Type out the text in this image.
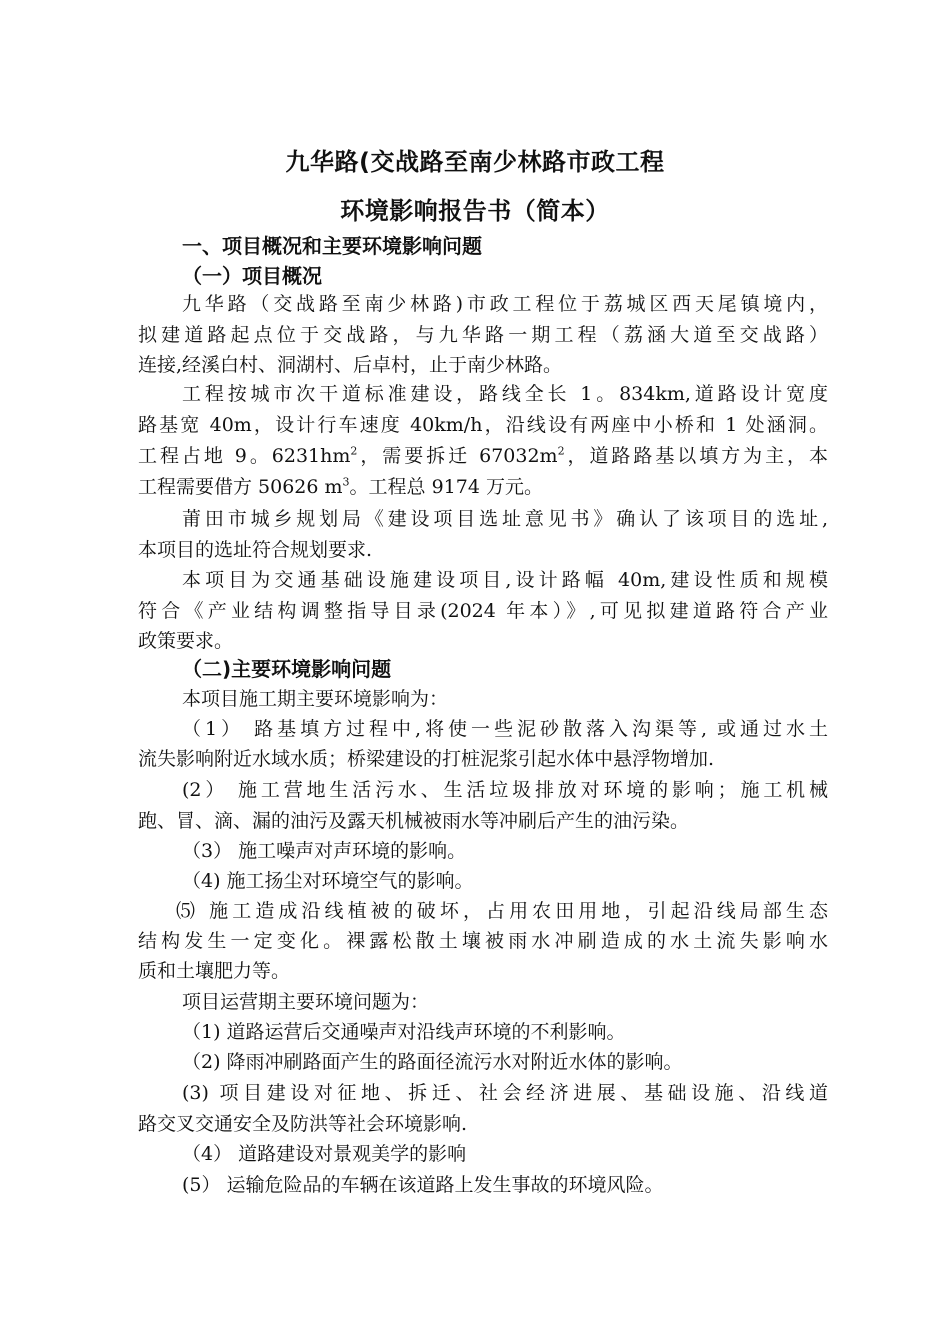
九华路(交战路至南少林路市政工程
环境影响报告书（简本）
一、项目概况和主要环境影响问题
（一）项目概况
九华路（交战路至南少林路)市政工程位于荔城区西天尾镇境内，
拟建道路起点位于交战路，与九华路一期工程（荔涵大道至交战路）
连接,经溪白村、洞湖村、后卓村，止于南少林路。
工程按城市次干道标准建设，路线全长 1。834km,道路设计宽度
路基宽 40m，设计行车速度 40km/h，沿线设有两座中小桥和 1 处涵洞。
工程占地 9。$6231hm^2$，需要拆迁 $67032m^2$，道路路基以填方为主，本
工程需要借方 50626 $m^3$。工程总 9174 万元。
莆田市城乡规划局《建设项目选址意见书》确认了该项目的选址,
本项目的选址符合规划要求.
本项目为交通基础设施建设项目,设计路幅 40m,建设性质和规模
符合《产业结构调整指导目录(2024 年本）》,可见拟建道路符合产业
政策要求。
（二)主要环境影响问题
本项目施工期主要环境影响为：
（1） 路基填方过程中,将使一些泥砂散落入沟渠等, 或通过水土
流失影响附近水域水质；桥梁建设的打桩泥浆引起水体中悬浮物增加.
(2） 施工营地生活污水、生活垃圾排放对环境的影响；施工机械
跑、冒、滴、漏的油污及露天机械被雨水等冲刷后产生的油污染。
（3） 施工噪声对声环境的影响。
（4) 施工扬尘对环境空气的影响。
⑸ 施工造成沿线植被的破坏，占用农田用地，引起沿线局部生态
结构发生一定变化。裸露松散土壤被雨水冲刷造成的水土流失影响水
质和土壤肥力等。
项目运营期主要环境问题为：
（1) 道路运营后交通噪声对沿线声环境的不利影响。
（2) 降雨冲刷路面产生的路面径流污水对附近水体的影响。
(3) 项目建设对征地、拆迁、社会经济进展、基础设施、沿线道
路交叉交通安全及防洪等社会环境影响.
（4） 道路建设对景观美学的影响
(5） 运输危险品的车辆在该道路上发生事故的环境风险。
